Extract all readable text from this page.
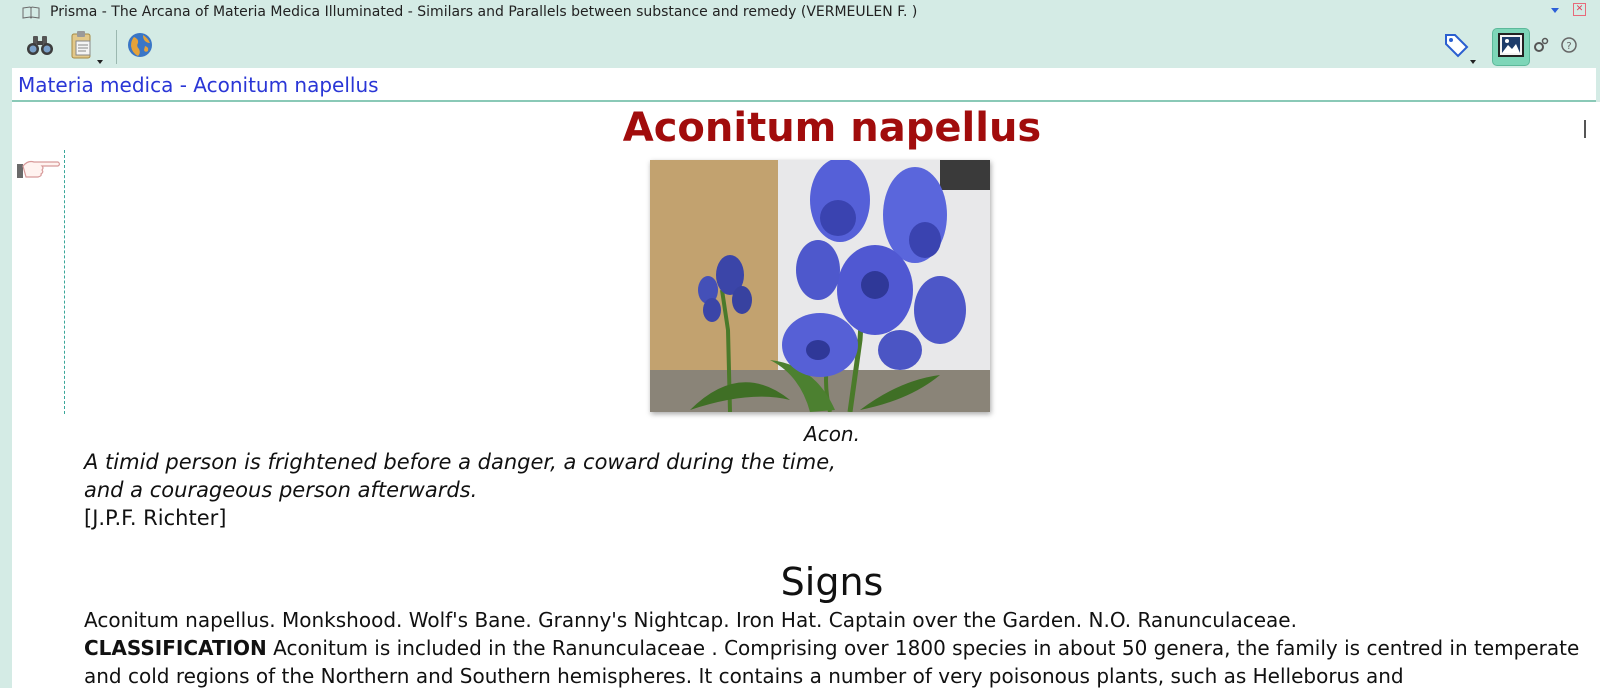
Prisma - The Arcana of Materia Medica Illuminated - Similars and Parallels between substance and remedy (VERMEULEN F. )	✕
?
Materia medica - Aconitum napellus
Aconitum napellus
Acon.
A timid person is frightened before a danger, a coward during the time,
and a courageous person afterwards.
[J.P.F. Richter]
Signs

Aconitum napellus. Monkshood. Wolf's Bane. Granny's Nightcap. Iron Hat. Captain over the Garden. N.O. Ranunculaceae.

CLASSIFICATION Aconitum is included in the Ranunculaceae . Comprising over 1800 species in about 50 genera, the family is centred in temperate and cold regions of the Northern and Southern hemispheres. It contains a number of very poisonous plants, such as Helleborus and
